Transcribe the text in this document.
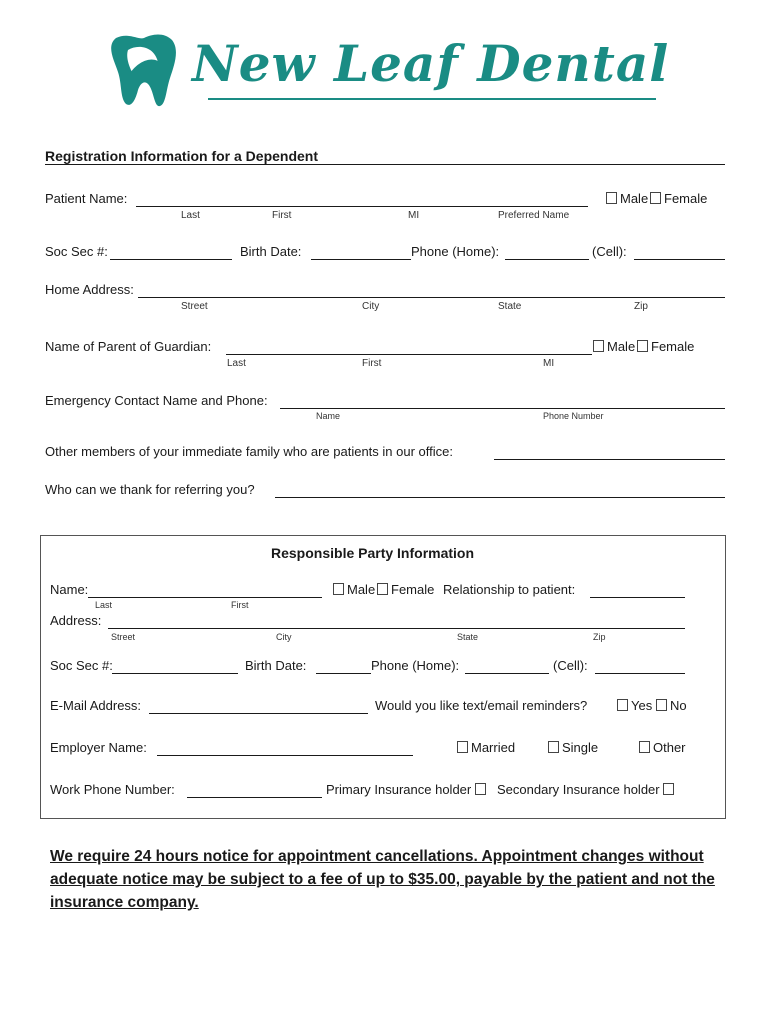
New Leaf Dental
Registration Information for a Dependent
Patient Name:	Male	Female
Last	First	MI	Preferred Name
Soc Sec #:	Birth Date:	Phone (Home):	(Cell):
Home Address:
Street	City	State	Zip
Name of Parent of Guardian:	Male	Female
Last	First	MI
Emergency Contact Name and Phone:
Name	Phone Number
Other members of your immediate family who are patients in our office:
Who can we thank for referring you?
Responsible Party Information
Name:	Male	Female Relationship to patient:
Last	First
Address:
Street	City	State	Zip
Soc Sec #:	Birth Date:	Phone (Home):	(Cell):
E-Mail Address:	Would you like text/email reminders?	Yes	No
Employer Name:	Married	Single	Other
Work Phone Number:	Primary Insurance holder	Secondary Insurance holder
We require 24 hours notice for appointment cancellations. Appointment changes without adequate notice may be subject to a fee of up to $35.00, payable by the patient and not the insurance company.
